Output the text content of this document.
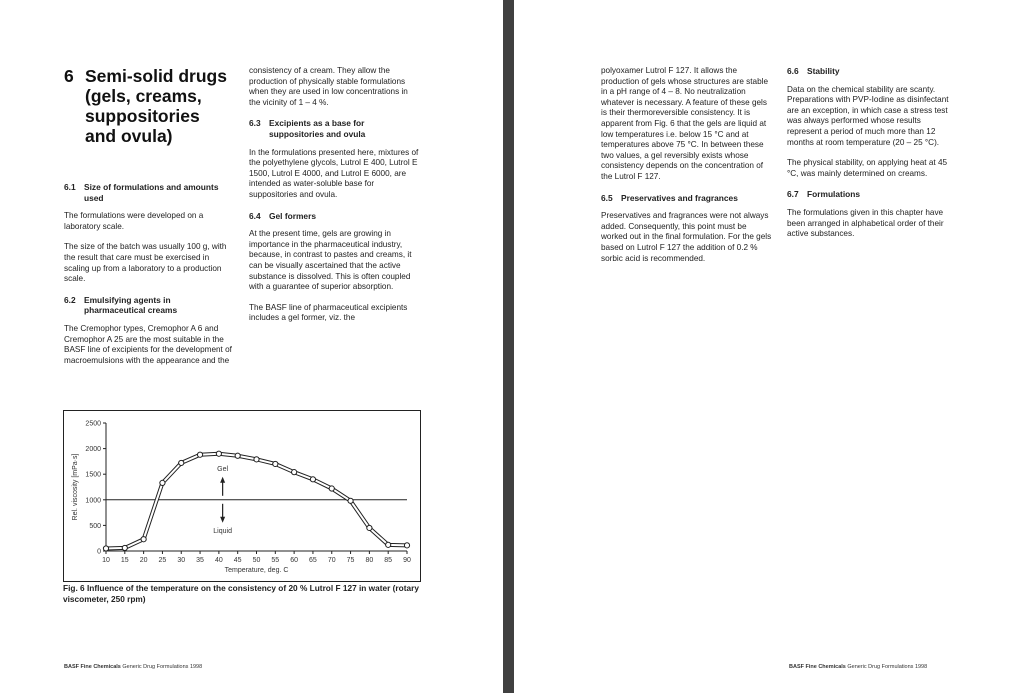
6 Semi-solid drugs (gels, creams, suppositories and ovula)
6.1 Size of formulations and amounts used

The formulations were developed on a laboratory scale.

The size of the batch was usually 100 g, with the result that care must be exercised in scaling up from a laboratory to a production scale.

6.2 Emulsifying agents in pharmaceutical creams

The Cremophor types, Cremophor A 6 and Cremophor A 25 are the most suitable in the BASF line of excipients for the development of macroemulsions with the appearance and the

consistency of a cream. They allow the production of physically stable formulations when they are used in low concentrations in the vicinity of 1 – 4 %.

6.3 Excipients as a base for suppositories and ovula

In the formulations presented here, mixtures of the polyethylene glycols, Lutrol E 400, Lutrol E 1500, Lutrol E 4000, and Lutrol E 6000, are intended as water-soluble base for suppositories and ovula.

6.4 Gel formers

At the present time, gels are growing in importance in the pharmaceutical industry, because, in contrast to pastes and creams, it can be visually ascertained that the active substance is dissolved. This is often coupled with a guarantee of superior absorption.

The BASF line of pharmaceutical excipients includes a gel former, viz. the

0
500
1000
1500
2000
2500
10 15 20 25 30 35 40 45 50 55 60 65 70 75 80 85 90
Temperature, deg. C
Rel. viscosity [mPa·s]	Gel
Liquid
Fig. 6 Influence of the temperature on the consistency of 20 % Lutrol F 127 in water (rotary viscometer, 250 rpm)
BASF Fine Chemicals Generic Drug Formulations 1998

polyoxamer Lutrol F 127. It allows the production of gels whose structures are stable in a pH range of 4 – 8. No neutralization whatever is necessary. A feature of these gels is their thermoreversible consistency. It is apparent from Fig. 6 that the gels are liquid at low temperatures i.e. below 15 °C and at temperatures above 75 °C. In between these two values, a gel reversibly exists whose consistency depends on the concentration of the Lutrol F 127.

6.5 Preservatives and fragrances

Preservatives and fragrances were not always added. Consequently, this point must be worked out in the final formulation. For the gels based on Lutrol F 127 the addition of 0.2 % sorbic acid is recommended.

6.6 Stability

Data on the chemical stability are scanty. Preparations with PVP-Iodine as disinfectant are an exception, in which case a stress test was always performed whose results represent a period of much more than 12 months at room temperature (20 – 25 °C).

The physical stability, on applying heat at 45 °C, was mainly determined on creams.

6.7 Formulations

The formulations given in this chapter have been arranged in alphabetical order of their active substances.

BASF Fine Chemicals Generic Drug Formulations 1998
